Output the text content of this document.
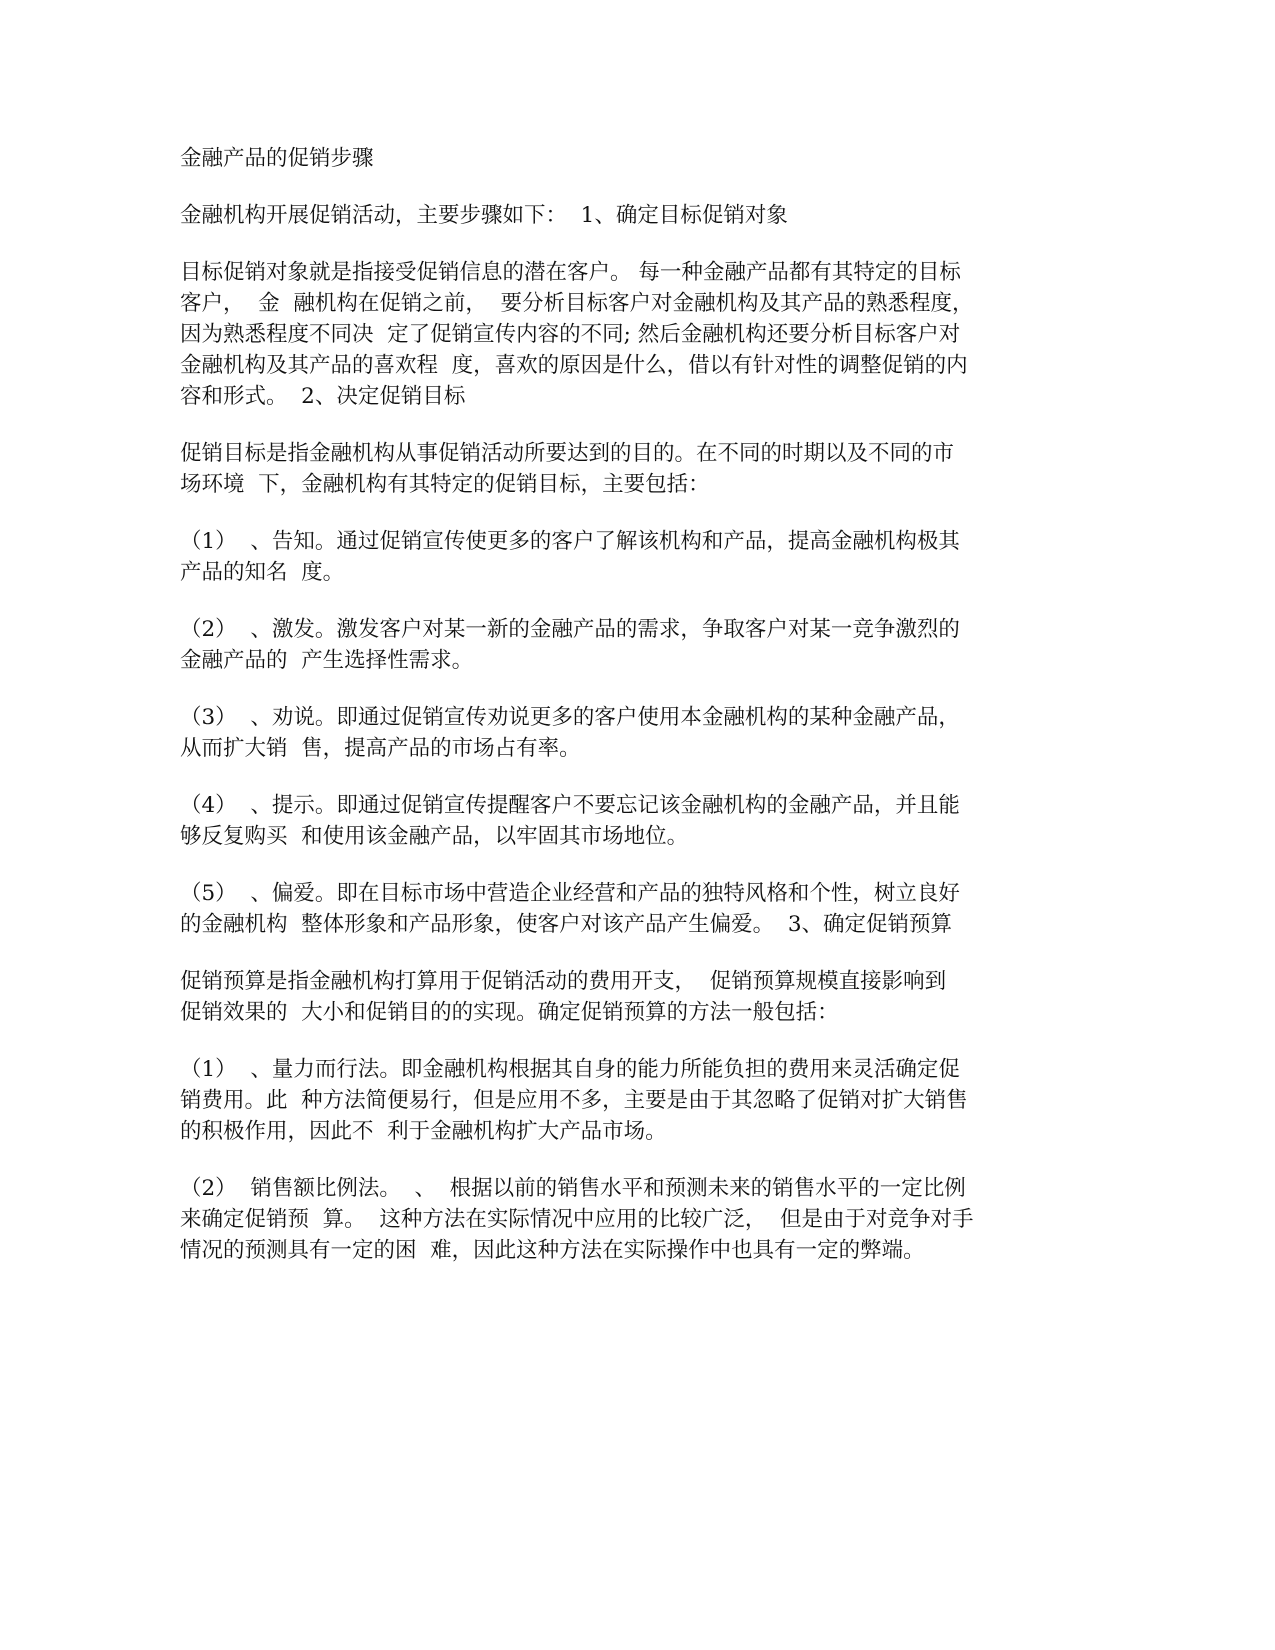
金融产品的促销步骤
金融机构开展促销活动，主要步骤如下：  1、确定目标促销对象
目标促销对象就是指接受促销信息的潜在客户。 每一种金融产品都有其特定的目标
客户，  金  融机构在促销之前，  要分析目标客户对金融机构及其产品的熟悉程度，
因为熟悉程度不同决  定了促销宣传内容的不同; 然后金融机构还要分析目标客户对
金融机构及其产品的喜欢程  度，喜欢的原因是什么，借以有针对性的调整促销的内
容和形式。  2、决定促销目标
促销目标是指金融机构从事促销活动所要达到的目的。在不同的时期以及不同的市
场环境  下，金融机构有其特定的促销目标，主要包括：
（1）  、告知。通过促销宣传使更多的客户了解该机构和产品，提高金融机构极其
产品的知名  度。
（2）  、激发。激发客户对某一新的金融产品的需求，争取客户对某一竞争激烈的
金融产品的  产生选择性需求。
（3）  、劝说。即通过促销宣传劝说更多的客户使用本金融机构的某种金融产品，
从而扩大销  售，提高产品的市场占有率。
（4）  、提示。即通过促销宣传提醒客户不要忘记该金融机构的金融产品，并且能
够反复购买  和使用该金融产品，以牢固其市场地位。
（5）  、偏爱。即在目标市场中营造企业经营和产品的独特风格和个性，树立良好
的金融机构  整体形象和产品形象，使客户对该产品产生偏爱。  3、确定促销预算
促销预算是指金融机构打算用于促销活动的费用开支，  促销预算规模直接影响到
促销效果的  大小和促销目的的实现。确定促销预算的方法一般包括：
（1）  、量力而行法。即金融机构根据其自身的能力所能负担的费用来灵活确定促
销费用。此  种方法简便易行，但是应用不多，主要是由于其忽略了促销对扩大销售
的积极作用，因此不  利于金融机构扩大产品市场。
（2）  销售额比例法。  、  根据以前的销售水平和预测未来的销售水平的一定比例
来确定促销预  算。  这种方法在实际情况中应用的比较广泛，  但是由于对竞争对手
情况的预测具有一定的困  难，因此这种方法在实际操作中也具有一定的弊端。
